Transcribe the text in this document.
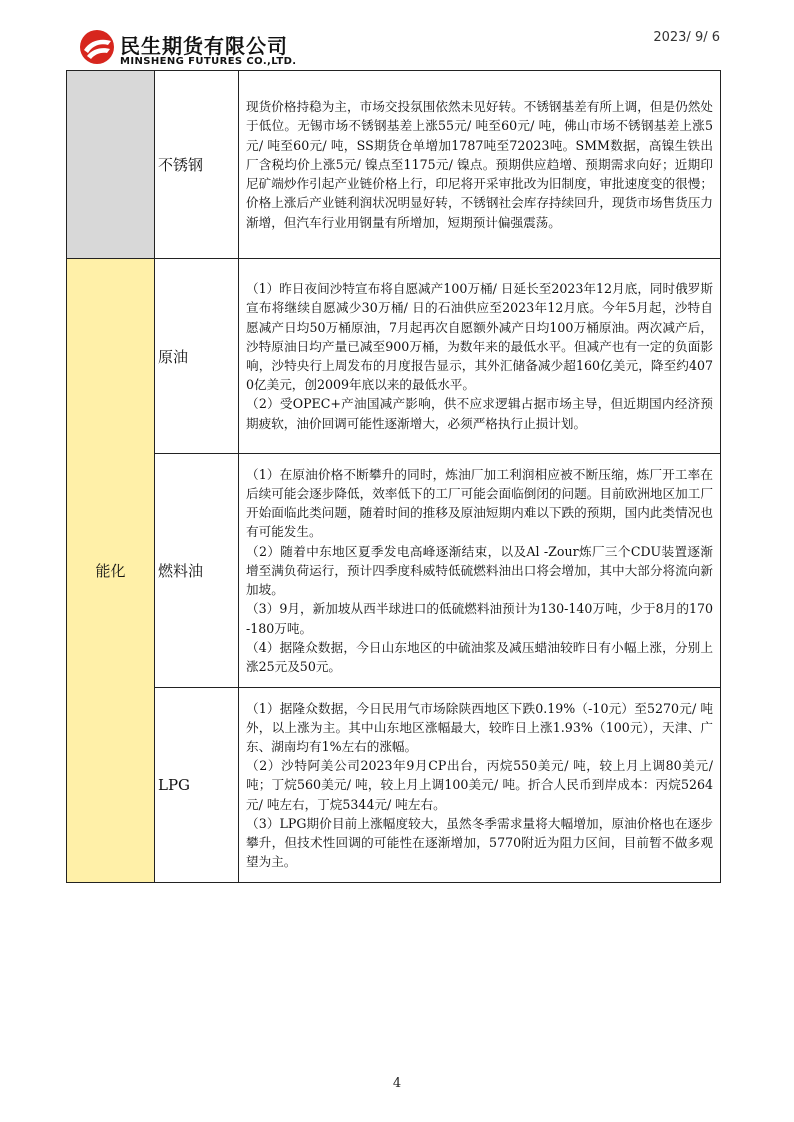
民生期货有限公司
MINSHENG FUTURES CO.,LTD.
2023/ 9/ 6
	不锈钢	现货价格持稳为主，市场交投氛围依然未见好转。不锈钢基差有所上调，但是仍然处于低位。无锡市场不锈钢基差上涨55元/ 吨至60元/ 吨，佛山市场不锈钢基差上涨5元/ 吨至60元/ 吨，SS期货仓单增加1787吨至72023吨。SMM数据，高镍生铁出厂含税均价上涨5元/ 镍点至1175元/ 镍点。预期供应趋增、预期需求向好；近期印尼矿端炒作引起产业链价格上行，印尼将开采审批改为旧制度，审批速度变的很慢；价格上涨后产业链利润状况明显好转，不锈钢社会库存持续回升，现货市场售货压力渐增，但汽车行业用钢量有所增加，短期预计偏强震荡。

能化	原油	（1）昨日夜间沙特宣布将自愿减产100万桶/ 日延长至2023年12月底，同时俄罗斯宣布将继续自愿减少30万桶/ 日的石油供应至2023年12月底。今年5月起，沙特自愿减产日均50万桶原油，7月起再次自愿额外减产日均100万桶原油。两次减产后，沙特原油日均产量已减至900万桶，为数年来的最低水平。但减产也有一定的负面影响，沙特央行上周发布的月度报告显示，其外汇储备减少超160亿美元，降至约4070亿美元，创2009年底以来的最低水平。

（2）受OPEC+产油国减产影响，供不应求逻辑占据市场主导，但近期国内经济预期疲软，油价回调可能性逐渐增大，必须严格执行止损计划。

	燃料油	（1）在原油价格不断攀升的同时，炼油厂加工利润相应被不断压缩，炼厂开工率在后续可能会逐步降低，效率低下的工厂可能会面临倒闭的问题。目前欧洲地区加工厂开始面临此类问题，随着时间的推移及原油短期内难以下跌的预期，国内此类情况也有可能发生。

（2）随着中东地区夏季发电高峰逐渐结束，以及Al -Zour炼厂三个CDU装置逐渐增至满负荷运行，预计四季度科威特低硫燃料油出口将会增加，其中大部分将流向新加坡。

（3）9月，新加坡从西半球进口的低硫燃料油预计为130-140万吨，少于8月的170-180万吨。

（4）据隆众数据，今日山东地区的中硫油浆及减压蜡油较昨日有小幅上涨，分别上涨25元及50元。

	LPG	（1）据隆众数据，今日民用气市场除陕西地区下跌0.19%（-10元）至5270元/ 吨外，以上涨为主。其中山东地区涨幅最大，较昨日上涨1.93%（100元），天津、广东、湖南均有1%左右的涨幅。

（2）沙特阿美公司2023年9月CP出台，丙烷550美元/ 吨，较上月上调80美元/ 吨；丁烷560美元/ 吨，较上月上调100美元/ 吨。折合人民币到岸成本：丙烷5264元/ 吨左右，丁烷5344元/ 吨左右。

（3）LPG期价目前上涨幅度较大，虽然冬季需求量将大幅增加，原油价格也在逐步攀升，但技术性回调的可能性在逐渐增加，5770附近为阻力区间，目前暂不做多观望为主。

4
